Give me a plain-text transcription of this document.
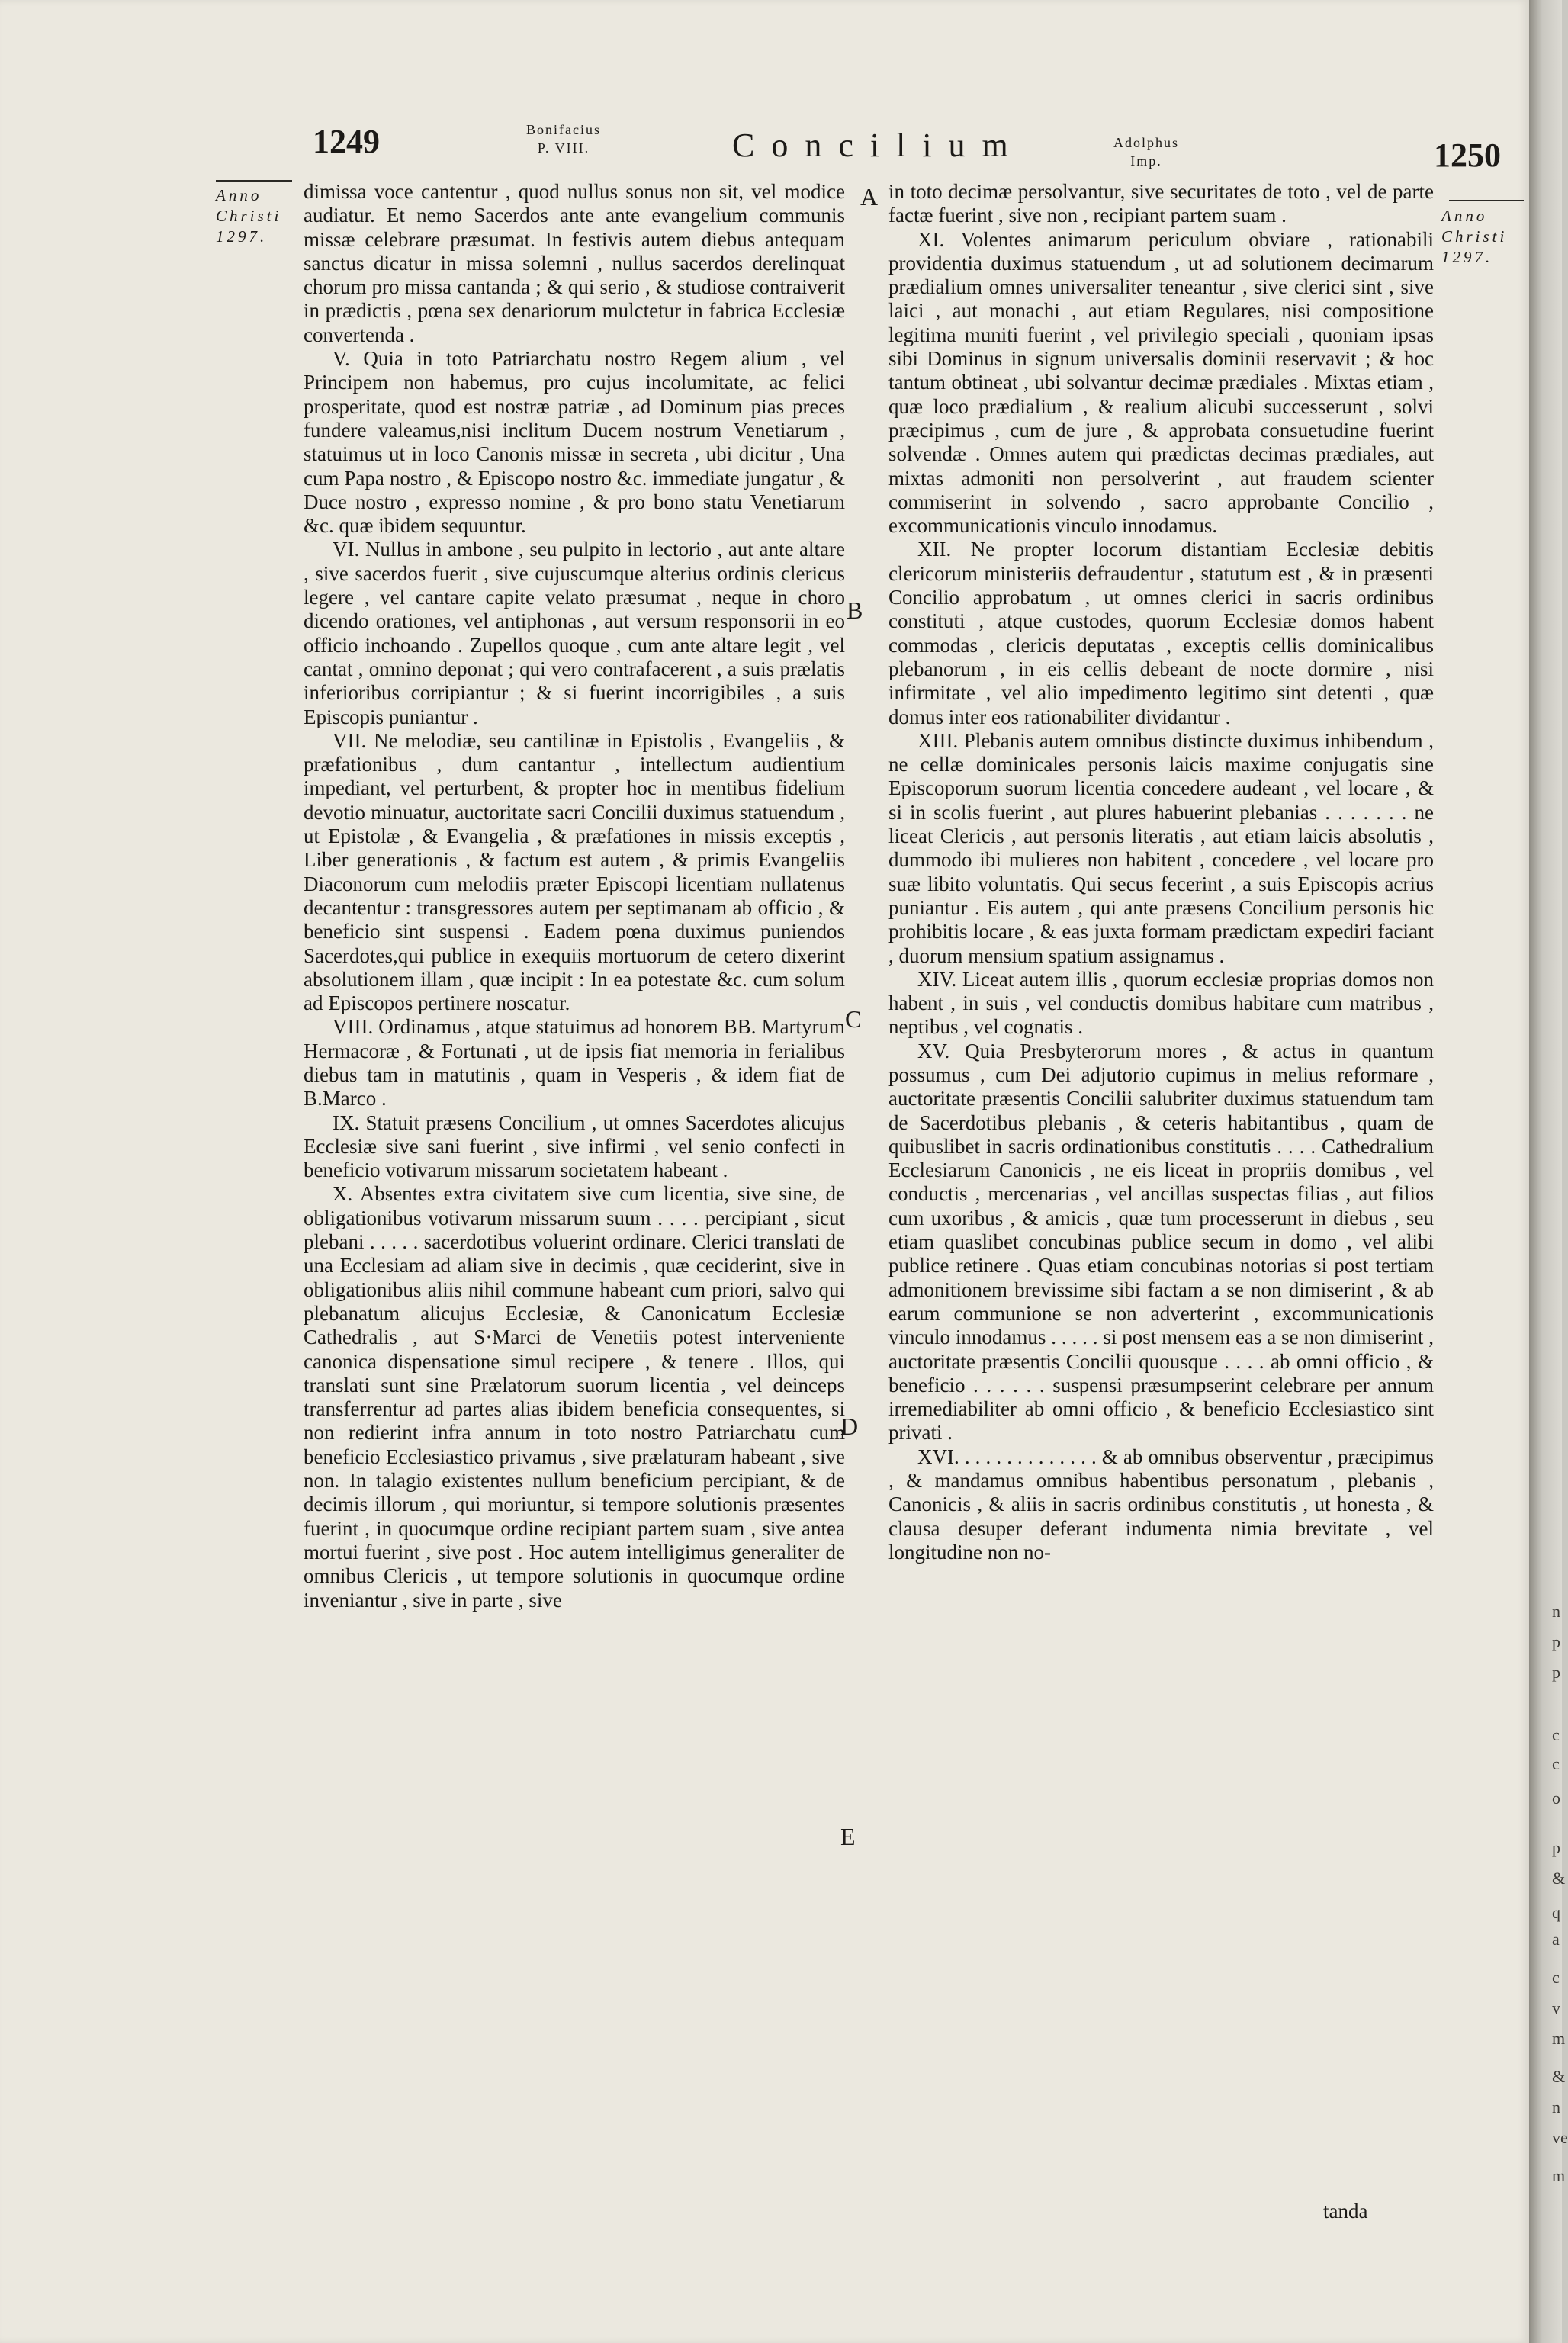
1249	Bonifacius
P. VIII.	Concilium	Adolphus
Imp.	1250
Anno
Christi
1297.
Anno
Christi
1297.
A
B
C
D
E

dimissa voce cantentur , quod nullus sonus non sit, vel modice audiatur. Et nemo Sacerdos ante ante evangelium communis missæ celebrare præsumat. In festivis autem diebus antequam sanctus dicatur in missa solemni , nullus sacerdos derelinquat chorum pro missa cantanda ; & qui serio , & studiose contraiverit in prædictis , pœna sex denariorum mulctetur in fabrica Ecclesiæ convertenda .

V. Quia in toto Patriarchatu nostro Regem alium , vel Principem non habemus, pro cujus incolumitate, ac felici prosperitate, quod est nostræ patriæ , ad Dominum pias preces fundere valeamus,nisi inclitum Ducem nostrum Venetiarum , statuimus ut in loco Canonis missæ in secreta , ubi dicitur , Una cum Papa nostro , & Episcopo nostro &c. immediate jungatur , & Duce nostro , expresso nomine , & pro bono statu Venetiarum &c. quæ ibidem sequuntur.

VI. Nullus in ambone , seu pulpito in lectorio , aut ante altare , sive sacerdos fuerit , sive cujuscumque alterius ordinis clericus legere , vel cantare capite velato præsumat , neque in choro dicendo orationes, vel antiphonas , aut versum responsorii in eo officio inchoando . Zupellos quoque , cum ante altare legit , vel cantat , omnino deponat ; qui vero contrafacerent , a suis prælatis inferioribus corripiantur ; & si fuerint incorrigibiles , a suis Episcopis puniantur .

VII. Ne melodiæ, seu cantilinæ in Epistolis , Evangeliis , & præfationibus , dum cantantur , intellectum audientium impediant, vel perturbent, & propter hoc in mentibus fidelium devotio minuatur, auctoritate sacri Concilii duximus statuendum , ut Epistolæ , & Evangelia , & præfationes in missis exceptis , Liber generationis , & factum est autem , & primis Evangeliis Diaconorum cum melodiis præter Episcopi licentiam nullatenus decantentur : transgressores autem per septimanam ab officio , & beneficio sint suspensi . Eadem pœna duximus puniendos Sacerdotes,qui publice in exequiis mortuorum de cetero dixerint absolutionem illam , quæ incipit : In ea potestate &c. cum solum ad Episcopos pertinere noscatur.

VIII. Ordinamus , atque statuimus ad honorem BB. Martyrum Hermacoræ , & Fortunati , ut de ipsis fiat memoria in ferialibus diebus tam in matutinis , quam in Vesperis , & idem fiat de B.Marco .

IX. Statuit præsens Concilium , ut omnes Sacerdotes alicujus Ecclesiæ sive sani fuerint , sive infirmi , vel senio confecti in beneficio votivarum missarum societatem habeant .

X. Absentes extra civitatem sive cum licentia, sive sine, de obligationibus votivarum missarum suum . . . . percipiant , sicut plebani . . . . . sacerdotibus voluerint ordinare. Clerici translati de una Ecclesiam ad aliam sive in decimis , quæ ceciderint, sive in obligationibus aliis nihil commune habeant cum priori, salvo qui plebanatum alicujus Ecclesiæ, & Canonicatum Ecclesiæ Cathedralis , aut S·Marci de Venetiis potest interveniente canonica dispensatione simul recipere , & tenere . Illos, qui translati sunt sine Prælatorum suorum licentia , vel deinceps transferrentur ad partes alias ibidem beneficia consequentes, si non redierint infra annum in toto nostro Patriarchatu cum beneficio Ecclesiastico privamus , sive prælaturam habeant , sive non. In talagio existentes nullum beneficium percipiant, & de decimis illorum , qui moriuntur, si tempore solutionis præsentes fuerint , in quocumque ordine recipiant partem suam , sive antea mortui fuerint , sive post . Hoc autem intelligimus generaliter de omnibus Clericis , ut tempore solutionis in quocumque ordine inveniantur , sive in parte , sive

in toto decimæ persolvantur, sive securitates de toto , vel de parte factæ fuerint , sive non , recipiant partem suam .

XI. Volentes animarum periculum obviare , rationabili providentia duximus statuendum , ut ad solutionem decimarum prædialium omnes universaliter teneantur , sive clerici sint , sive laici , aut monachi , aut etiam Regulares, nisi compositione legitima muniti fuerint , vel privilegio speciali , quoniam ipsas sibi Dominus in signum universalis dominii reservavit ; & hoc tantum obtineat , ubi solvantur decimæ prædiales . Mixtas etiam , quæ loco prædialium , & realium alicubi successerunt , solvi præcipimus , cum de jure , & approbata consuetudine fuerint solvendæ . Omnes autem qui prædictas decimas prædiales, aut mixtas admoniti non persolverint , aut fraudem scienter commiserint in solvendo , sacro approbante Concilio , excommunicationis vinculo innodamus.

XII. Ne propter locorum distantiam Ecclesiæ debitis clericorum ministeriis defraudentur , statutum est , & in præsenti Concilio approbatum , ut omnes clerici in sacris ordinibus constituti , atque custodes, quorum Ecclesiæ domos habent commodas , clericis deputatas , exceptis cellis dominicalibus plebanorum , in eis cellis debeant de nocte dormire , nisi infirmitate , vel alio impedimento legitimo sint detenti , quæ domus inter eos rationabiliter dividantur .

XIII. Plebanis autem omnibus distincte duximus inhibendum , ne cellæ dominicales personis laicis maxime conjugatis sine Episcoporum suorum licentia concedere audeant , vel locare , & si in scolis fuerint , aut plures habuerint plebanias . . . . . . . ne liceat Clericis , aut personis literatis , aut etiam laicis absolutis , dummodo ibi mulieres non habitent , concedere , vel locare pro suæ libito voluntatis. Qui secus fecerint , a suis Episcopis acrius puniantur . Eis autem , qui ante præsens Concilium personis hic prohibitis locare , & eas juxta formam prædictam expediri faciant , duorum mensium spatium assignamus .

XIV. Liceat autem illis , quorum ecclesiæ proprias domos non habent , in suis , vel conductis domibus habitare cum matribus , neptibus , vel cognatis .

XV. Quia Presbyterorum mores , & actus in quantum possumus , cum Dei adjutorio cupimus in melius reformare , auctoritate præsentis Concilii salubriter duximus statuendum tam de Sacerdotibus plebanis , & ceteris habitantibus , quam de quibuslibet in sacris ordinationibus constitutis . . . . Cathedralium Ecclesiarum Canonicis , ne eis liceat in propriis domibus , vel conductis , mercenarias , vel ancillas suspectas filias , aut filios cum uxoribus , & amicis , quæ tum processerunt in diebus , seu etiam quaslibet concubinas publice secum in domo , vel alibi publice retinere . Quas etiam concubinas notorias si post tertiam admonitionem brevissime sibi factam a se non dimiserint , & ab earum communione se non adverterint , excommunicationis vinculo innodamus . . . . . si post mensem eas a se non dimiserint , auctoritate præsentis Concilii quousque . . . . ab omni officio , & beneficio . . . . . . suspensi præsumpserint celebrare per annum irremediabiliter ab omni officio , & beneficio Ecclesiastico sint privati .

XVI. . . . . . . . . . . . . . & ab omnibus observentur , præcipimus , & mandamus omnibus habentibus personatum , plebanis , Canonicis , & aliis in sacris ordinibus constitutis , ut honesta , & clausa desuper deferant indumenta nimia brevitate , vel longitudine non no-

tanda
n
p
p
c
c
o
p
&
q
a
c
v
m
&
n
ve
m
